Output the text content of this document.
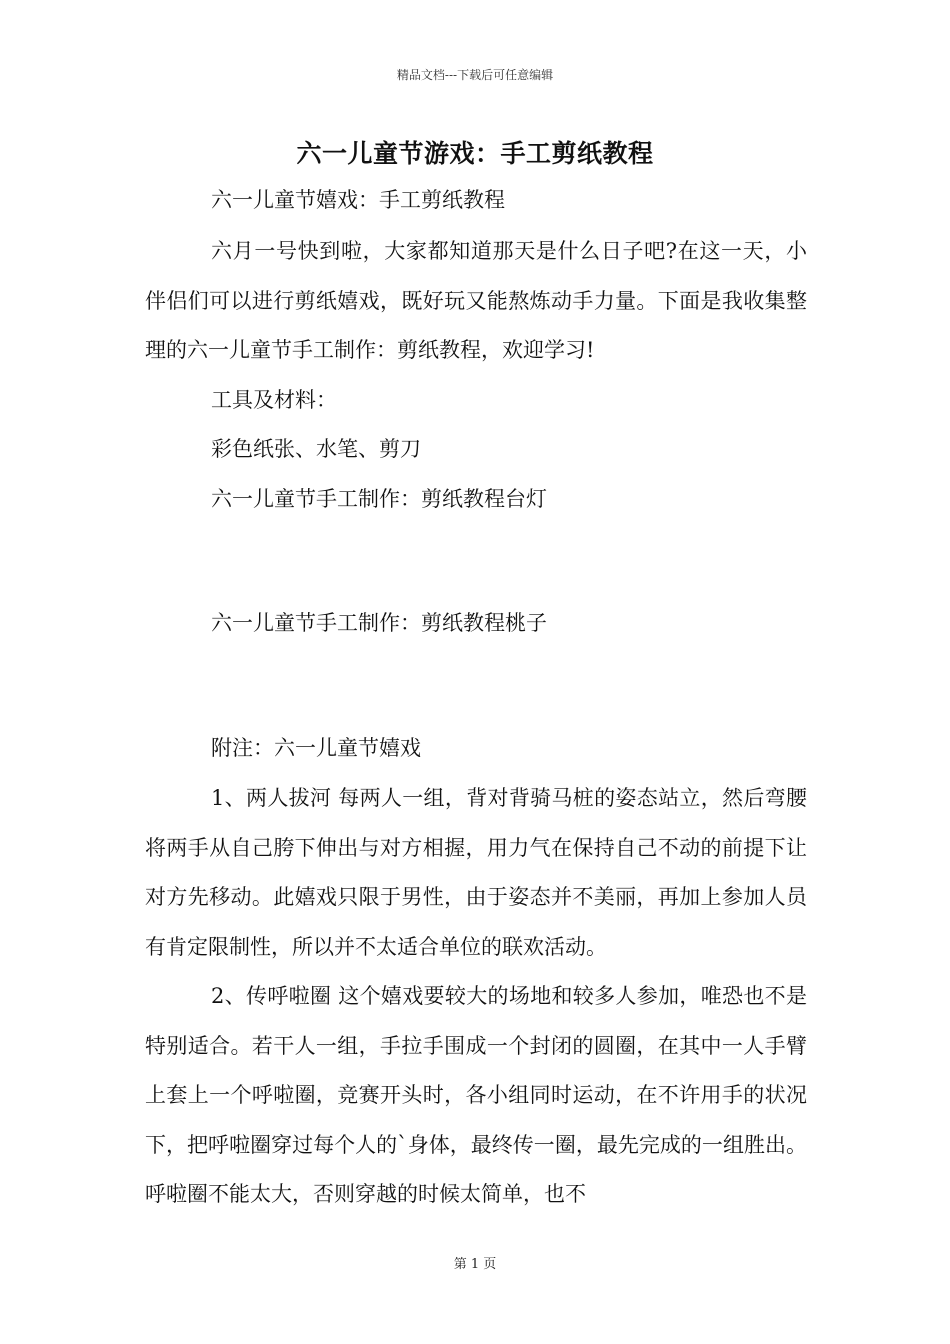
精品文档---下载后可任意编辑
六一儿童节游戏：手工剪纸教程

六一儿童节嬉戏：手工剪纸教程

六月一号快到啦，大家都知道那天是什么日子吧?在这一天，小伴侣们可以进行剪纸嬉戏，既好玩又能熬炼动手力量。下面是我收集整理的六一儿童节手工制作：剪纸教程，欢迎学习!

工具及材料：

彩色纸张、水笔、剪刀

六一儿童节手工制作：剪纸教程台灯

六一儿童节手工制作：剪纸教程桃子

附注：六一儿童节嬉戏

1、两人拔河 每两人一组，背对背骑马桩的姿态站立，然后弯腰将两手从自己胯下伸出与对方相握，用力气在保持自己不动的前提下让对方先移动。此嬉戏只限于男性，由于姿态并不美丽，再加上参加人员有肯定限制性，所以并不太适合单位的联欢活动。

2、传呼啦圈 这个嬉戏要较大的场地和较多人参加，唯恐也不是特别适合。若干人一组，手拉手围成一个封闭的圆圈，在其中一人手臂上套上一个呼啦圈，竞赛开头时，各小组同时运动，在不许用手的状况下，把呼啦圈穿过每个人的`身体，最终传一圈，最先完成的一组胜出。呼啦圈不能太大，否则穿越的时候太简单，也不

第 1 页
